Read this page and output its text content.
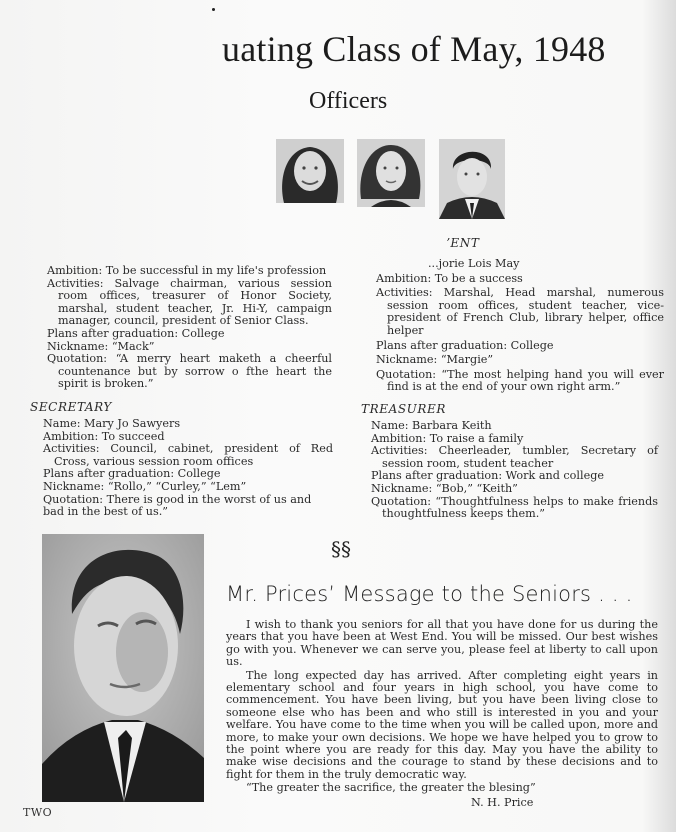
uating Class of May, 1948
Officers

Ambition: To be successful in my life's profession

Activities: Salvage chairman, various session room offices, treasurer of Honor Society, marshal, student teacher, Jr. Hi-Y, campaign manager, council, president of Senior Class.

Plans after graduation: College

Nickname: “Mack”

Quotation: “A merry heart maketh a cheerful countenance but by sorrow o fthe heart the spirit is broken.”

ʼENT

...jorie Lois May

Ambition: To be a success

Activities: Marshal, Head marshal, numerous session room offices, student teacher, vice-president of French Club, library helper, office helper

Plans after graduation: College

Nickname: “Margie”

Quotation: “The most helping hand you will ever find is at the end of your own right arm.”

SECRETARY

Name: Mary Jo Sawyers

Ambition: To succeed

Activities: Council, cabinet, president of Red Cross, various session room offices

Plans after graduation: College

Nickname: “Rollo,” “Curley,” “Lem”

Quotation: There is good in the worst of us and bad in the best of us.”

TREASURER

Name: Barbara Keith

Ambition: To raise a family

Activities: Cheerleader, tumbler, Secretary of session room, student teacher

Plans after graduation: Work and college

Nickname: “Bob,” “Keith”

Quotation: “Thoughtfulness helps to make friends thoughtfulness keeps them.”

§§
Mr. Prices’ Message to the Seniors . . .

I wish to thank you seniors for all that you have done for us during the years that you have been at West End. You will be missed. Our best wishes go with you. Whenever we can serve you, please feel at liberty to call upon us.

The long expected day has arrived. After completing eight years in elementary school and four years in high school, you have come to commencement. You have been living, but you have been living close to someone else who has been and who still is interested in you and your welfare. You have come to the time when you will be called upon, more and more, to make your own decisions. We hope we have helped you to grow to the point where you are ready for this day. May you have the ability to make wise decisions and the courage to stand by these decisions and to fight for them in the truly democratic way.

“The greater the sacrifice, the greater the blesing”

N. H. Price

TWO
